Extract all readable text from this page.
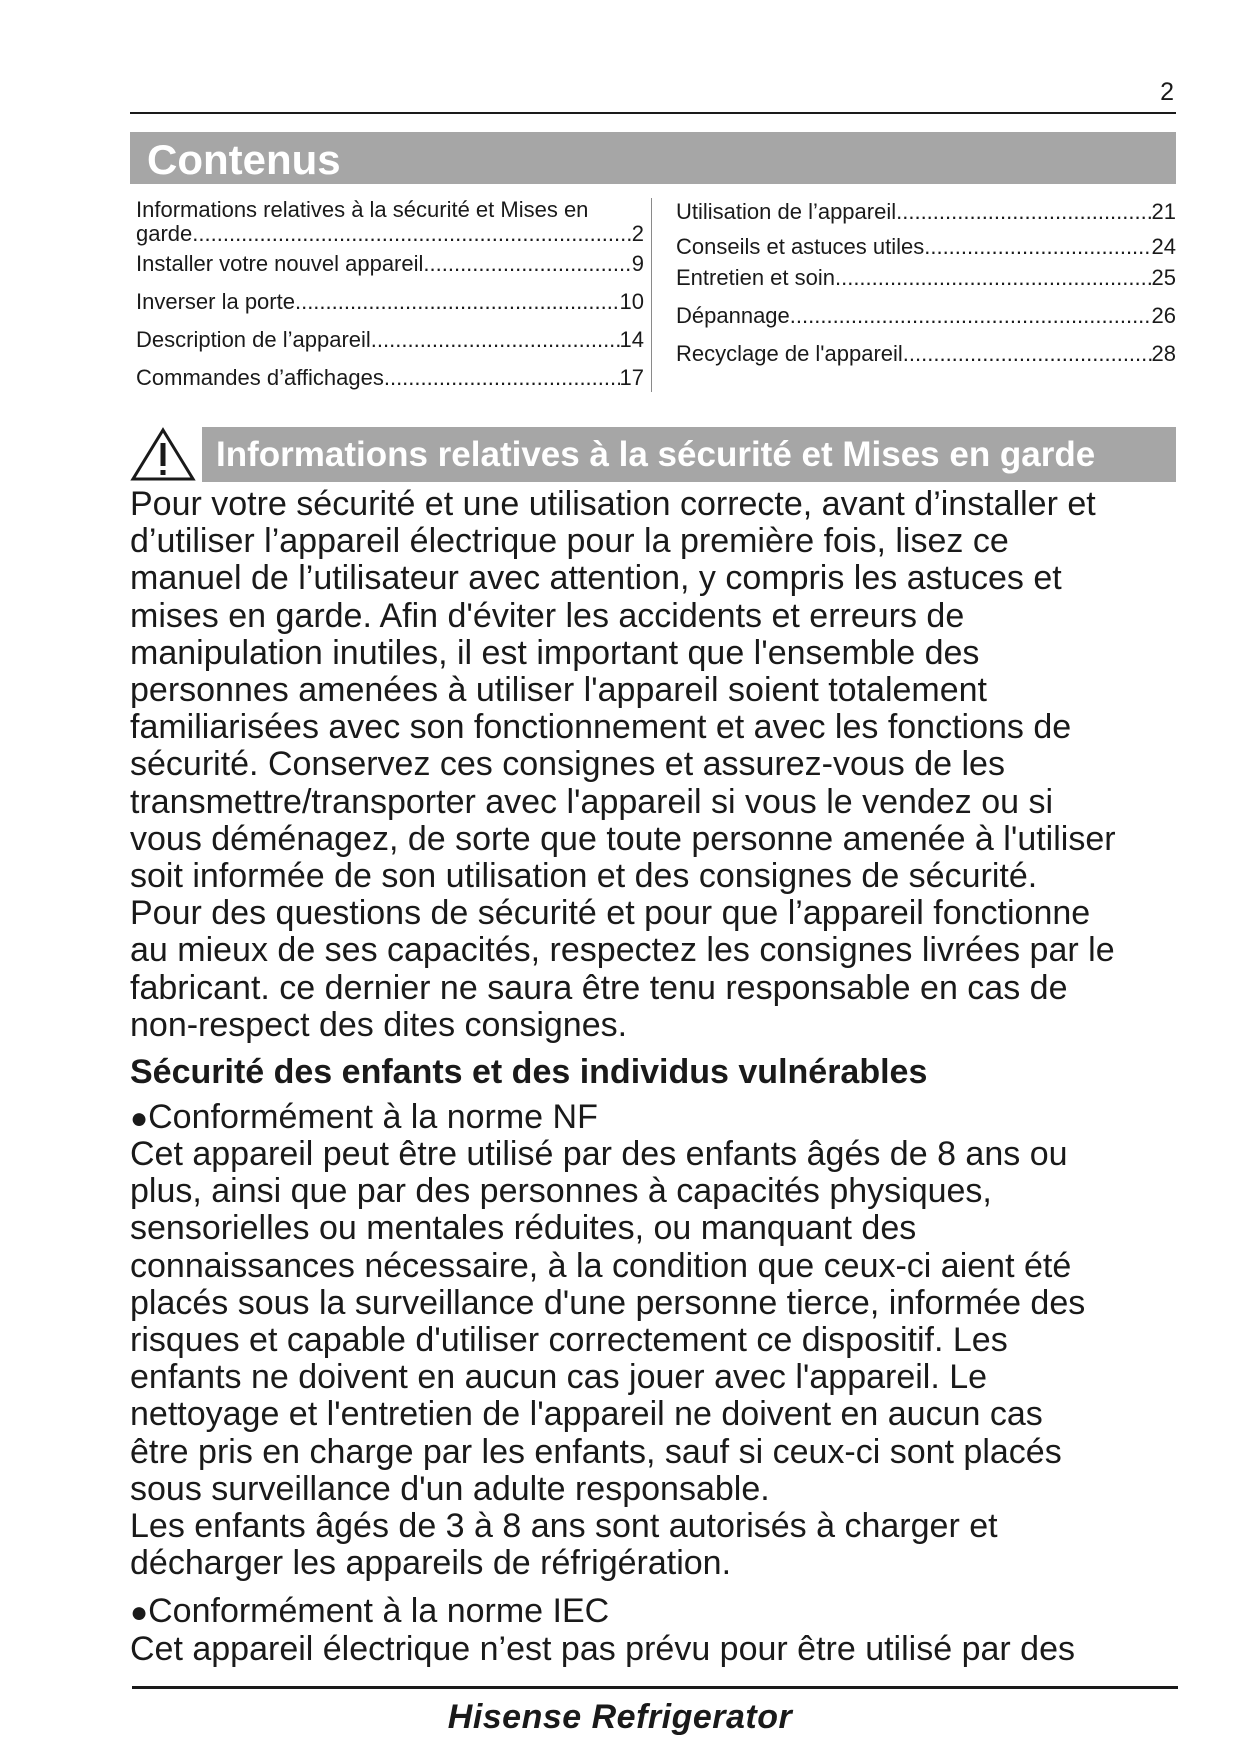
2
Contenus
Informations relatives à la sécurité et Mises en
garde .....	2
Installer votre nouvel appareil .....	9
Inverser la porte .....	10
Description de l’appareil .....	14
Commandes d’affichages .....	17
Utilisation de l’appareil .....	21
Conseils et astuces utiles .....	24
Entretien et soin .....	25
Dépannage .....	26
Recyclage de l'appareil .....	28
Informations relatives à la sécurité et Mises en garde
Pour votre sécurité et une utilisation correcte, avant d’installer et
d’utiliser l’appareil électrique pour la première fois, lisez ce
manuel de l’utilisateur avec attention, y compris les astuces et
mises en garde. Afin d'éviter les accidents et erreurs de
manipulation inutiles, il est important que l'ensemble des
personnes amenées à utiliser l'appareil soient totalement
familiarisées avec son fonctionnement et avec les fonctions de
sécurité. Conservez ces consignes et assurez-vous de les
transmettre/transporter avec l'appareil si vous le vendez ou si
vous déménagez, de sorte que toute personne amenée à l'utiliser
soit informée de son utilisation et des consignes de sécurité.
Pour des questions de sécurité et pour que l’appareil fonctionne
au mieux de ses capacités, respectez les consignes livrées par le
fabricant. ce dernier ne saura être tenu responsable en cas de
non-respect des dites consignes.
Sécurité des enfants et des individus vulnérables
●Conformément à la norme NF
Cet appareil peut être utilisé par des enfants âgés de 8 ans ou
plus, ainsi que par des personnes à capacités physiques,
sensorielles ou mentales réduites, ou manquant des
connaissances nécessaire, à la condition que ceux-ci aient été
placés sous la surveillance d'une personne tierce, informée des
risques et capable d'utiliser correctement ce dispositif. Les
enfants ne doivent en aucun cas jouer avec l'appareil. Le
nettoyage et l'entretien de l'appareil ne doivent en aucun cas
être pris en charge par les enfants, sauf si ceux-ci sont placés
sous surveillance d'un adulte responsable.
Les enfants âgés de 3 à 8 ans sont autorisés à charger et
décharger les appareils de réfrigération.
●Conformément à la norme IEC
Cet appareil électrique n’est pas prévu pour être utilisé par des
Hisense Refrigerator
